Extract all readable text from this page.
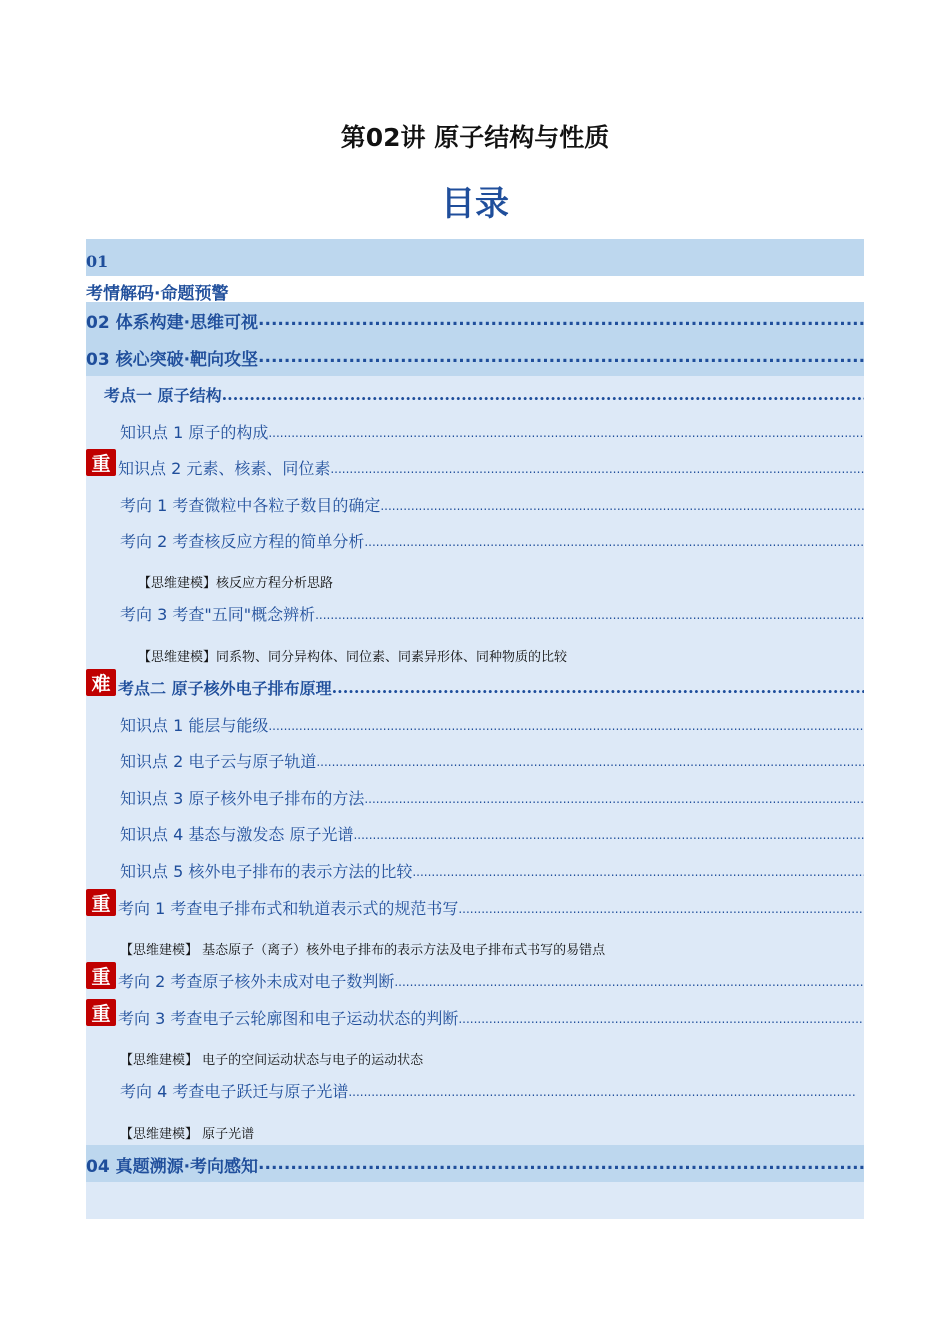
第02讲 原子结构与性质
目录
01
考情解码·命题预警
02 体系构建·思维可视
.....
03 核心突破·靶向攻坚
.....
考点一 原子结构
.....
知识点 1 原子的构成
.....
重 知识点 2 元素、核素、同位素
.....
考向 1 考查微粒中各粒子数目的确定
.....
考向 2 考查核反应方程的简单分析
.....
【思维建模】核反应方程分析思路
考向 3 考查"五同"概念辨析
.....
【思维建模】同系物、同分异构体、同位素、同素异形体、同种物质的比较
难 考点二 原子核外电子排布原理
.....
知识点 1 能层与能级
.....
知识点 2 电子云与原子轨道
.....
知识点 3 原子核外电子排布的方法
.....
知识点 4 基态与激发态 原子光谱
.....
知识点 5 核外电子排布的表示方法的比较
.....
重 考向 1 考查电子排布式和轨道表示式的规范书写
.....
【思维建模】 基态原子（离子）核外电子排布的表示方法及电子排布式书写的易错点
重 考向 2 考查原子核外未成对电子数判断
.....
重 考向 3 考查电子云轮廓图和电子运动状态的判断
.....
【思维建模】 电子的空间运动状态与电子的运动状态
考向 4 考查电子跃迁与原子光谱
.....
【思维建模】 原子光谱
04 真题溯源·考向感知
.....
